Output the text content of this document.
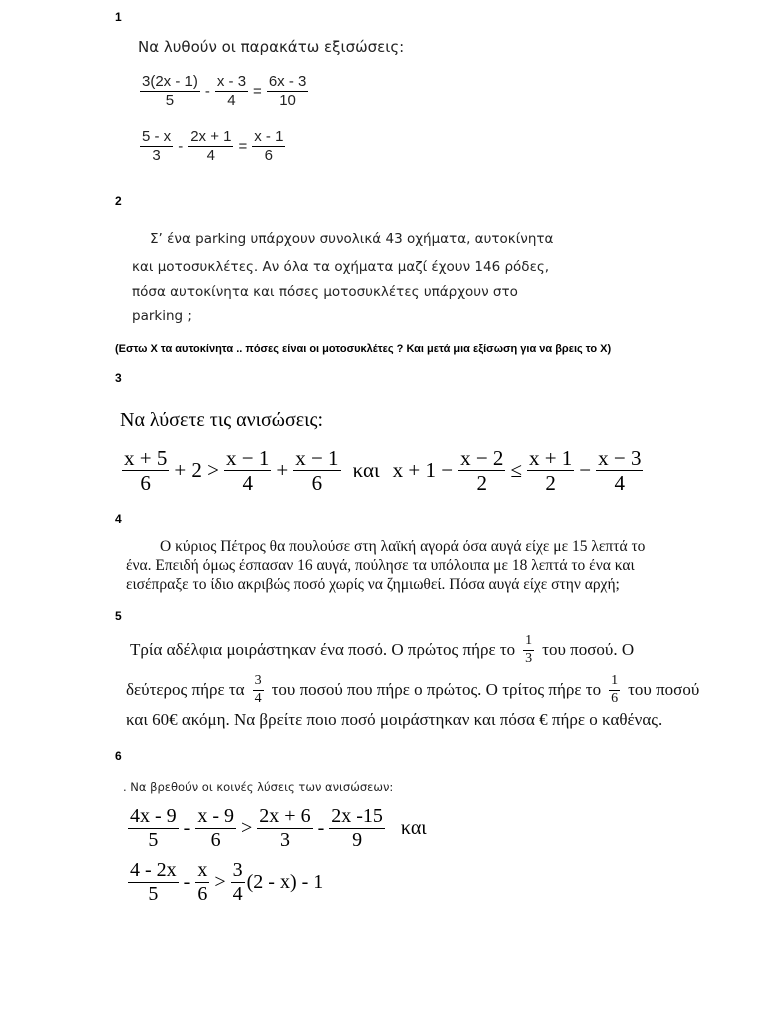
1
2
3
4
5
6
Να λυθούν οι παρακάτω εξισώσεις:
$\frac{3(2x - 1)}{5} - \frac{x - 3}{4} = \frac{6x - 3}{10}$
$\frac{5 - x}{3} - \frac{2x + 1}{4} = \frac{x - 1}{6}$
Σ’ ένα parking υπάρχουν συνολικά 43 οχήματα, αυτοκίνητα
και μοτοσυκλέτες. Αν όλα τα οχήματα μαζί έχουν 146 ρόδες,
πόσα αυτοκίνητα και πόσες μοτοσυκλέτες υπάρχουν στο
parking ;
(Εστω Χ τα αυτοκίνητα .. πόσες είναι οι μοτοσυκλέτες ? Και μετά μια εξίσωση για να βρεις το Χ)
Να λύσετε τις ανισώσεις:
$\frac{x + 5}{6} + 2 > \frac{x - 1}{4} + \frac{x - 1}{6}$ και $x + 1 - \frac{x - 2}{2} \le \frac{x + 1}{2} - \frac{x - 3}{4}$
Ο κύριος Πέτρος θα πουλούσε στη λαϊκή αγορά όσα αυγά είχε με 15 λεπτά το
ένα. Επειδή όμως έσπασαν 16 αυγά, πούλησε τα υπόλοιπα με 18 λεπτά το ένα και
εισέπραξε το ίδιο ακριβώς ποσό χωρίς να ζημιωθεί. Πόσα αυγά είχε στην αρχή;
Τρία αδέλφια μοιράστηκαν ένα ποσό. Ο πρώτος πήρε το $\frac{1}{3}$ του ποσού. Ο
δεύτερος πήρε τα $\frac{3}{4}$ του ποσού που πήρε ο πρώτος. Ο τρίτος πήρε το $\frac{1}{6}$ του ποσού
και 60€ ακόμη. Να βρείτε ποιο ποσό μοιράστηκαν και πόσα € πήρε ο καθένας.
. Να βρεθούν οι κοινές λύσεις των ανισώσεων:
$\frac{4x - 9}{5} - \frac{x - 9}{6} > \frac{2x + 6}{3} - \frac{2x -15}{9}$ και
$\frac{4 - 2x}{5} - \frac{x}{6} > \frac{3}{4} (2 - x) - 1$
